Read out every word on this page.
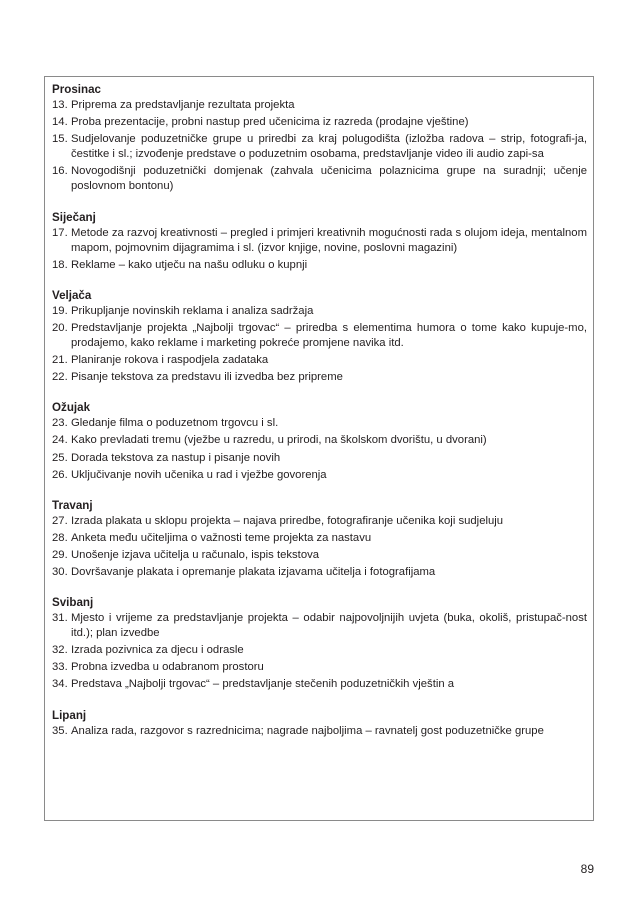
Prosinac
13. Priprema za predstavljanje rezultata projekta
14. Proba prezentacije, probni nastup pred učenicima iz razreda (prodajne vještine)
15. Sudjelovanje poduzetničke grupe u priredbi za kraj polugodišta (izložba radova – strip, fotografi-ja, čestitke i sl.; izvođenje predstave o poduzetnim osobama, predstavljanje video ili audio zapi-sa
16. Novogodišnji poduzetnički domjenak (zahvala učenicima polaznicima grupe na suradnji; učenje poslovnom bontonu)
Siječanj
17. Metode za razvoj kreativnosti – pregled i primjeri kreativnih mogućnosti rada s olujom ideja, mentalnom mapom, pojmovnim dijagramima i sl. (izvor knjige, novine, poslovni magazini)
18. Reklame – kako utječu na našu odluku o kupnji
Veljača
19. Prikupljanje novinskih reklama i analiza sadržaja
20. Predstavljanje projekta „Najbolji trgovac“ – priredba s elementima humora o tome kako kupuje-mo, prodajemo, kako reklame i marketing pokreće promjene navika itd.
21. Planiranje rokova i raspodjela zadataka
22. Pisanje tekstova za predstavu ili izvedba bez pripreme
Ožujak
23. Gledanje filma o poduzetnom trgovcu i sl.
24. Kako prevladati tremu (vježbe u razredu, u prirodi, na školskom dvorištu, u dvorani)
25. Dorada tekstova za nastup i pisanje novih
26. Uključivanje novih učenika u rad i vježbe govorenja
Travanj
27. Izrada plakata u sklopu projekta – najava priredbe, fotografiranje učenika koji sudjeluju
28. Anketa među učiteljima o važnosti teme projekta za nastavu
29. Unošenje izjava učitelja u računalo, ispis tekstova
30. Dovršavanje plakata i opremanje plakata izjavama učitelja i fotografijama
Svibanj
31. Mjesto i vrijeme za predstavljanje projekta – odabir najpovoljnijih uvjeta (buka, okoliš, pristupač-nost itd.); plan izvedbe
32. Izrada pozivnica za djecu i odrasle
33. Probna izvedba u odabranom prostoru
34. Predstava „Najbolji trgovac“ – predstavljanje stečenih poduzetničkih vještin a
Lipanj
35. Analiza rada, razgovor s razrednicima; nagrade najboljima – ravnatelj gost poduzetničke grupe
89
